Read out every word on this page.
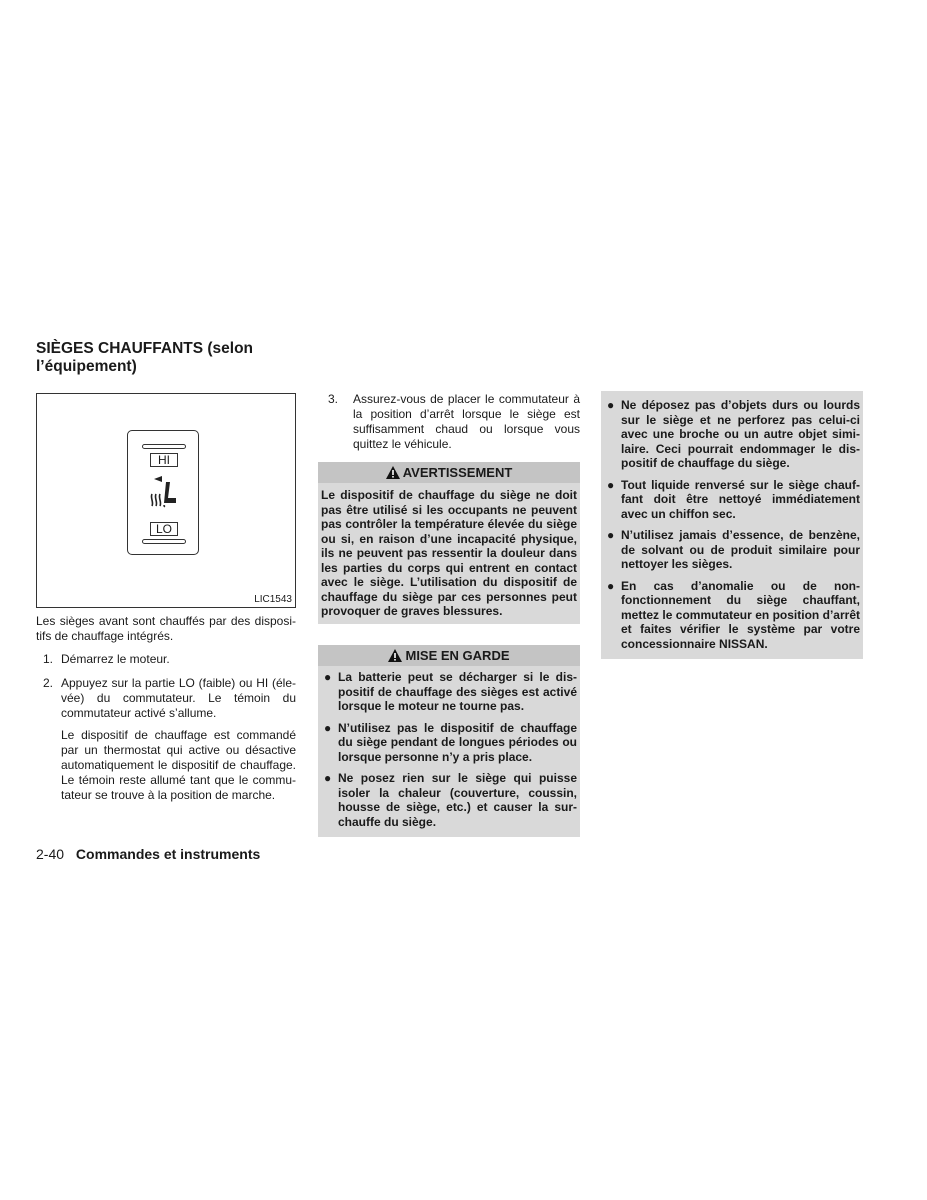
SIÈGES CHAUFFANTS (selon
l’équipement)
HI
LO
LIC1543

Les sièges avant sont chauffés par des dispositifs de chauffage intégrés.

1. Démarrez le moteur.
2. Appuyez sur la partie LO (faible) ou HI (élevée) du commutateur. Le témoin du commutateur activé s’allume.
Le dispositif de chauffage est commandé par un thermostat qui active ou désactive automatiquement le dispositif de chauffage. Le témoin reste allumé tant que le commutateur se trouve à la position de marche.
3. Assurez-vous de placer le commutateur à la position d’arrêt lorsque le siège est suffisamment chaud ou lorsque vous quittez le véhicule.
AVERTISSEMENT
Le dispositif de chauffage du siège ne doit pas être utilisé si les occupants ne peuvent pas contrôler la température élevée du siège ou si, en raison d’une incapacité physique, ils ne peuvent pas ressentir la douleur dans les parties du corps qui entrent en contact avec le siège. L’utilisation du dispositif de chauffage du siège par ces personnes peut provoquer de graves blessures.
MISE EN GARDE
● La batterie peut se décharger si le dispositif de chauffage des sièges est activé lorsque le moteur ne tourne pas.
● N’utilisez pas le dispositif de chauffage du siège pendant de longues périodes ou lorsque personne n’y a pris place.
● Ne posez rien sur le siège qui puisse isoler la chaleur (couverture, coussin, housse de siège, etc.) et causer la surchauffe du siège.
● Ne déposez pas d’objets durs ou lourds sur le siège et ne perforez pas celui-ci avec une broche ou un autre objet similaire. Ceci pourrait endommager le dispositif de chauffage du siège.
● Tout liquide renversé sur le siège chauffant doit être nettoyé immédiatement avec un chiffon sec.
● N’utilisez jamais d’essence, de benzène, de solvant ou de produit similaire pour nettoyer les sièges.
● En cas d’anomalie ou de non-fonctionnement du siège chauffant, mettez le commutateur en position d’arrêt et faites vérifier le système par votre concessionnaire NISSAN.
2-40 Commandes et instruments
